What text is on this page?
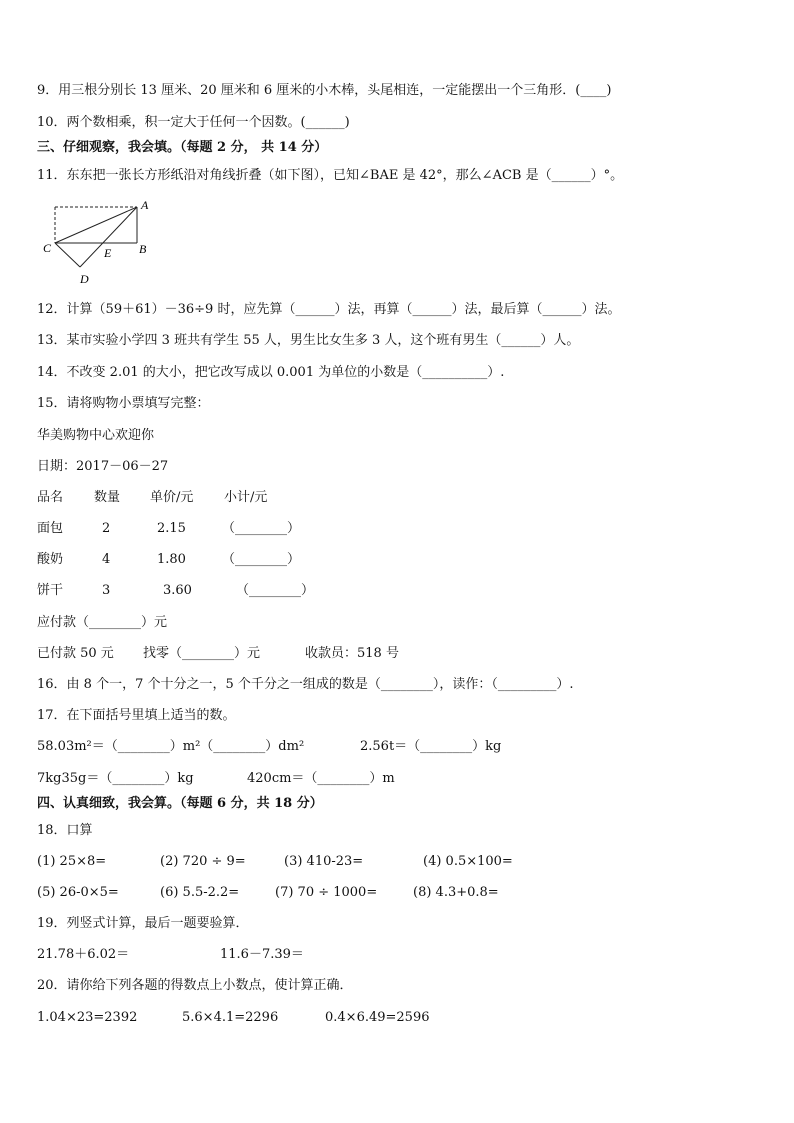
9．用三根分别长 13 厘米、20 厘米和 6 厘米的小木棒，头尾相连，一定能摆出一个三角形．(____)
10．两个数相乘，积一定大于任何一个因数。(______)
三、仔细观察，我会填。（每题 2 分， 共 14 分）
11．东东把一张长方形纸沿对角线折叠（如下图），已知∠BAE 是 42°，那么∠ACB 是（______）°。
A
B
C
D
E
12．计算（59＋61）－36÷9 时，应先算（______）法，再算（______）法，最后算（______）法。
13．某市实验小学四 3 班共有学生 55 人，男生比女生多 3 人，这个班有男生（______）人。
14．不改变 2.01 的大小，把它改写成以 0.001 为单位的小数是（__________）.
15．请将购物小票填写完整：
华美购物中心欢迎你
日期：2017－06－27
品名 数量 单价/元 小计/元
面包	2	2.15	（________）
酸奶	4	1.80	（________）
饼干	3	3.60	（________）
应付款（________）元
已付款 50 元 找零（________）元	收款员：518 号
16．由 8 个一，7 个十分之一，5 个千分之一组成的数是（________），读作：（_________）.
17．在下面括号里填上适当的数。
58.03m²＝（________）m²（________）dm²	2.56t＝（________）kg
7kg35g＝（________）kg	420cm＝（________）m
四、认真细致，我会算。（每题 6 分，共 18 分）
18．口算
(1) 25×8=	(2) 720 ÷ 9=	(3) 410-23=	(4) 0.5×100=
(5) 26-0×5=	(6) 5.5-2.2=	(7) 70 ÷ 1000=	(8) 4.3+0.8=
19．列竖式计算，最后一题要验算．
21.78＋6.02＝	11.6－7.39＝
20．请你给下列各题的得数点上小数点，使计算正确．
1.04×23=2392	5.6×4.1=2296	0.4×6.49=2596
